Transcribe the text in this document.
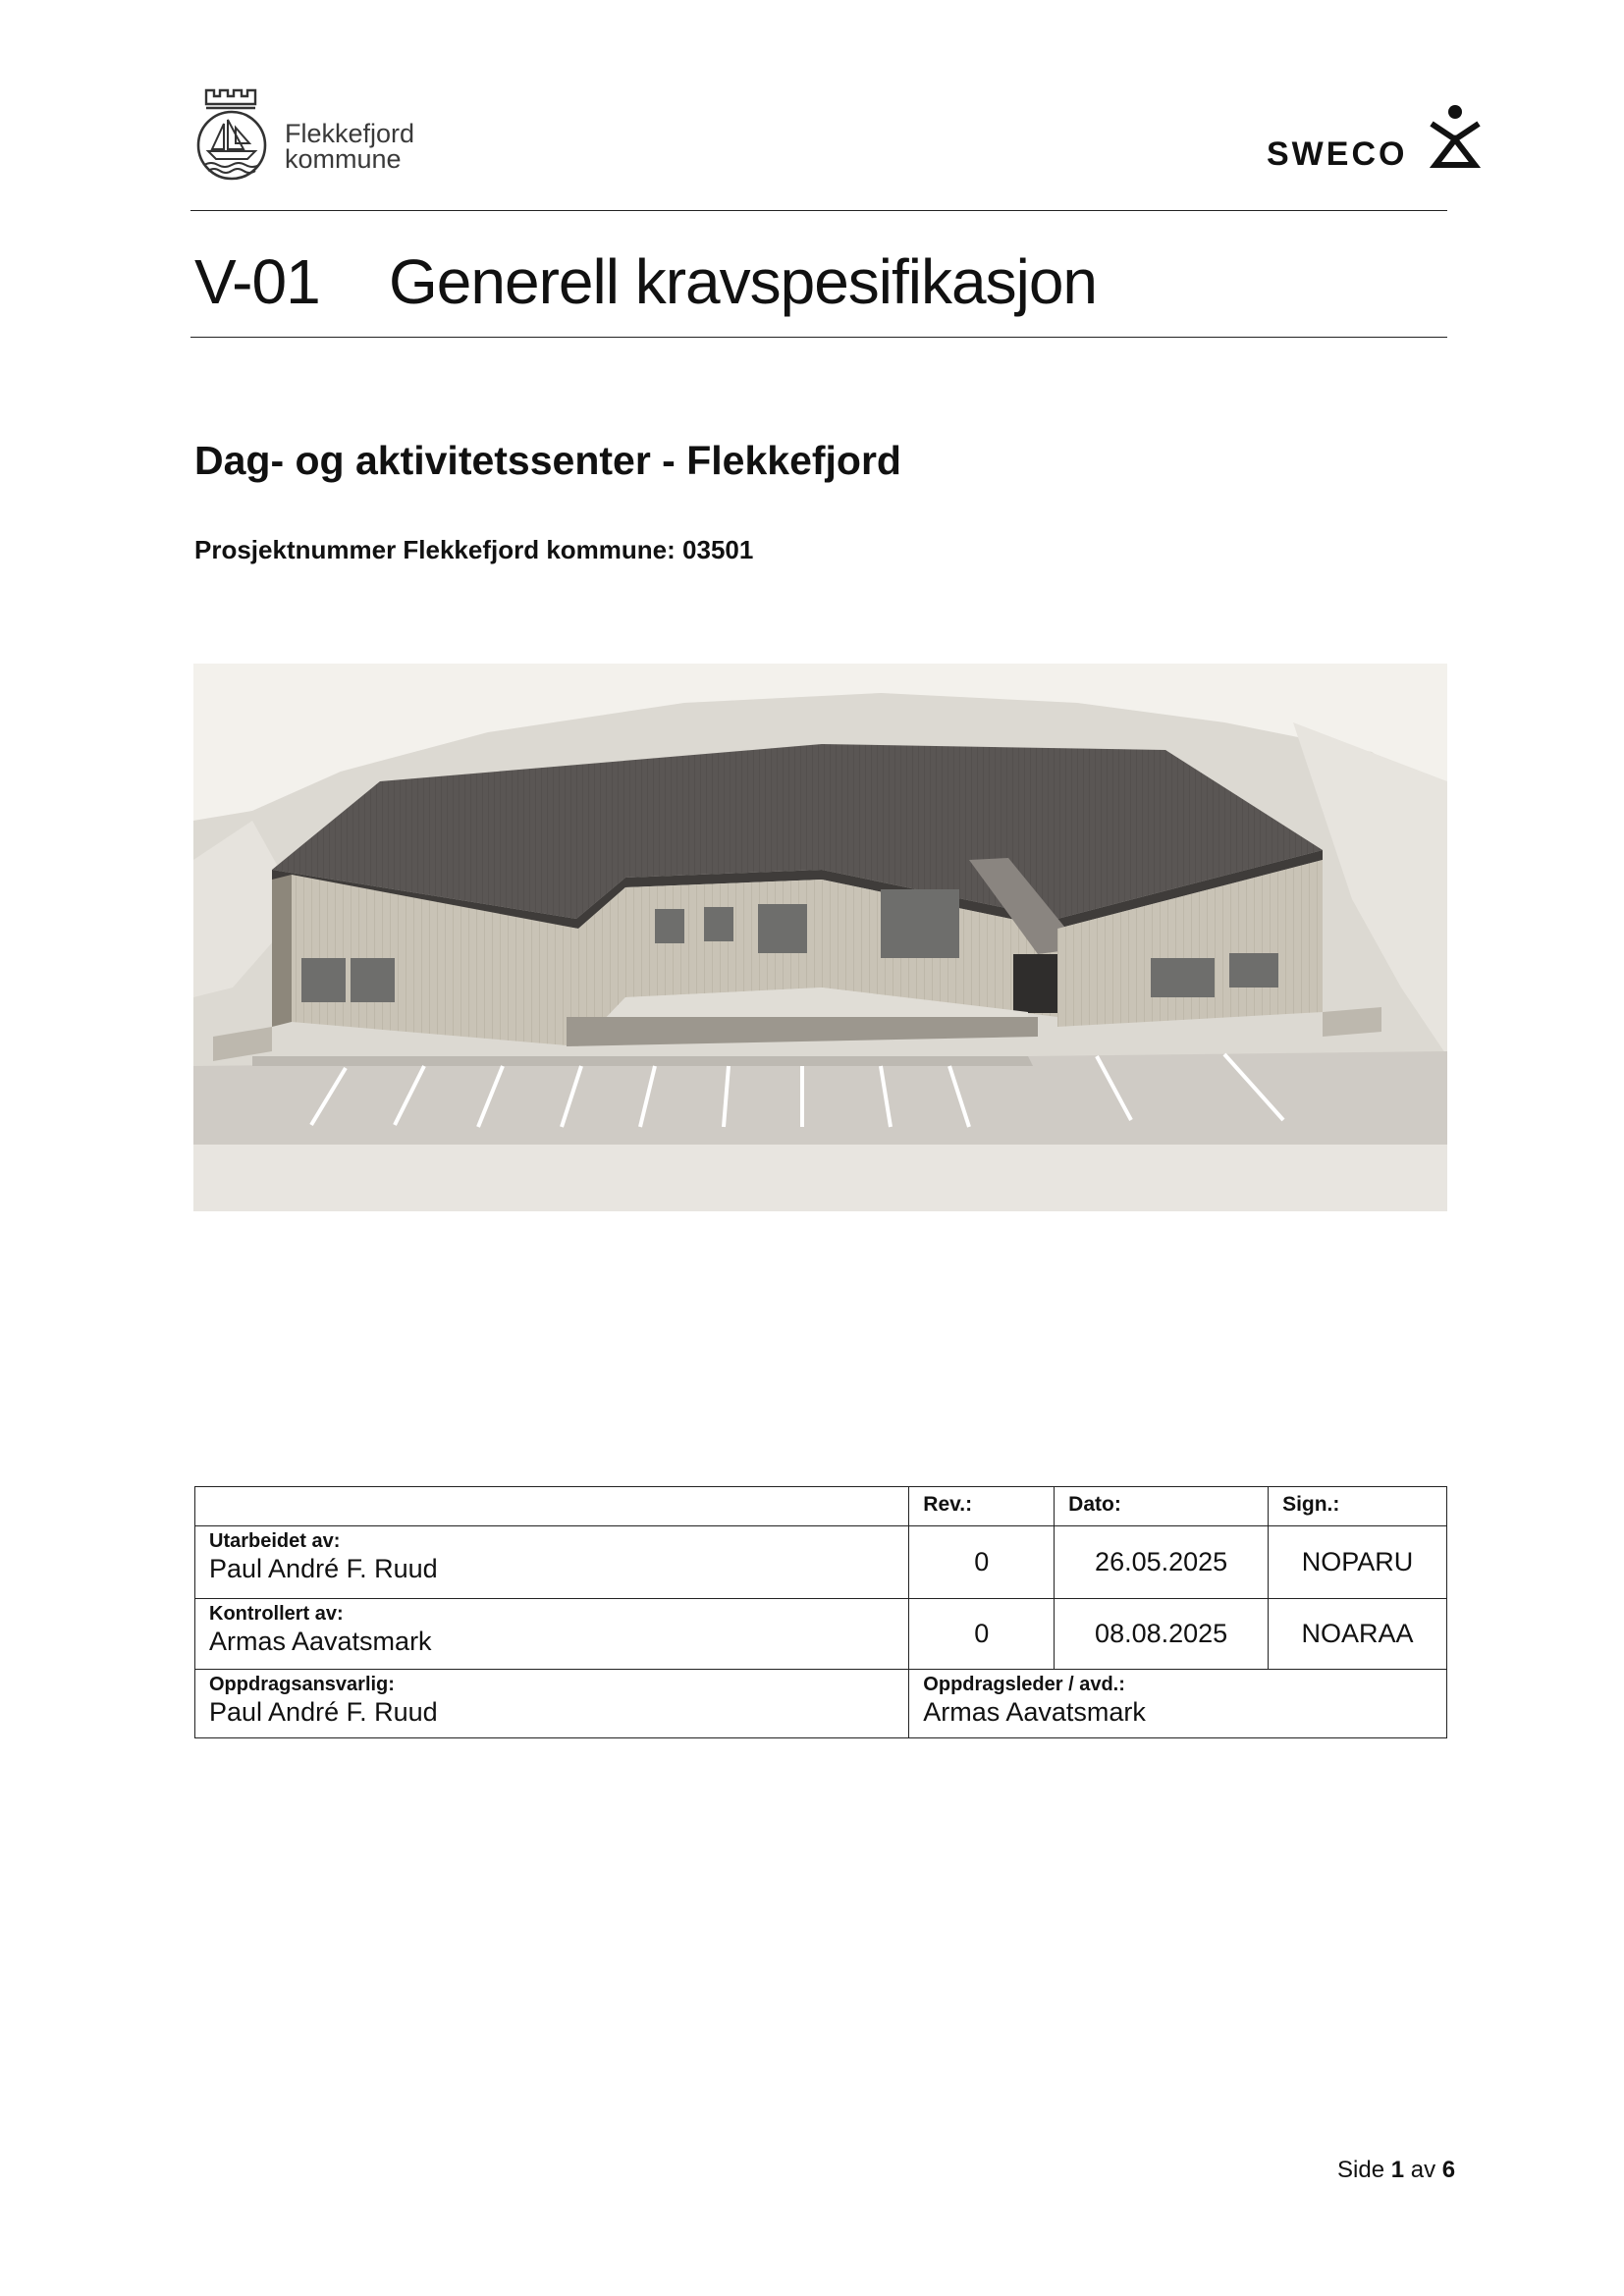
Flekkefjord
kommune	SWECO
V-01 Generell kravspesifikasjon
Dag- og aktivitetssenter - Flekkefjord
Prosjektnummer Flekkefjord kommune: 03501
	Rev.:	Dato:	Sign.:

Utarbeidet av:
Paul André F. Ruud	0	26.05.2025	NOPARU

Kontrollert av:
Armas Aavatsmark	0	08.08.2025	NOARAA

Oppdragsansvarlig:
Paul André F. Ruud	Oppdragsleder / avd.:
Armas Aavatsmark		
Side 1 av 6
